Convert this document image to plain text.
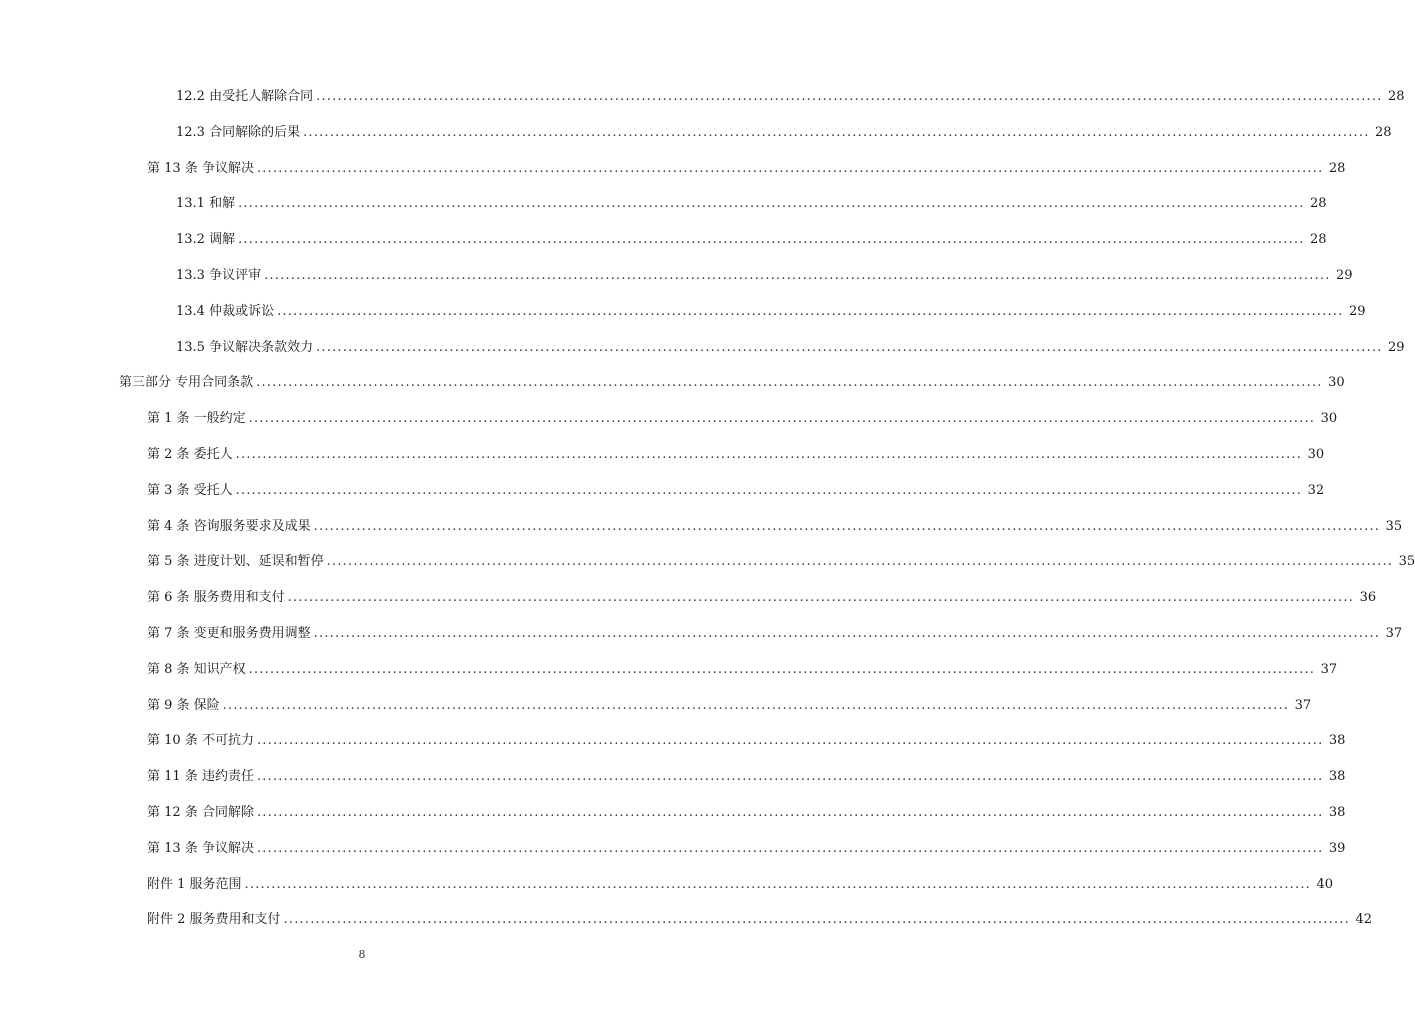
12.2 由受托人解除合同 ........................................................................................................................................................................................................ 28
12.3 合同解除的后果 ........................................................................................................................................................................................................ 28
第 13 条 争议解决 ........................................................................................................................................................................................................ 28
13.1 和解 ........................................................................................................................................................................................................ 28
13.2 调解 ........................................................................................................................................................................................................ 28
13.3 争议评审 ........................................................................................................................................................................................................ 29
13.4 仲裁或诉讼 ........................................................................................................................................................................................................ 29
13.5 争议解决条款效力 ........................................................................................................................................................................................................ 29
第三部分 专用合同条款 ........................................................................................................................................................................................................ 30
第 1 条 一般约定 ........................................................................................................................................................................................................ 30
第 2 条 委托人 ........................................................................................................................................................................................................ 30
第 3 条 受托人 ........................................................................................................................................................................................................ 32
第 4 条 咨询服务要求及成果 ........................................................................................................................................................................................................ 35
第 5 条 进度计划、延误和暂停 ........................................................................................................................................................................................................ 35
第 6 条 服务费用和支付 ........................................................................................................................................................................................................ 36
第 7 条 变更和服务费用调整 ........................................................................................................................................................................................................ 37
第 8 条 知识产权 ........................................................................................................................................................................................................ 37
第 9 条 保险 ........................................................................................................................................................................................................ 37
第 10 条 不可抗力 ........................................................................................................................................................................................................ 38
第 11 条 违约责任 ........................................................................................................................................................................................................ 38
第 12 条 合同解除 ........................................................................................................................................................................................................ 38
第 13 条 争议解决 ........................................................................................................................................................................................................ 39
附件 1 服务范围 ........................................................................................................................................................................................................ 40
附件 2 服务费用和支付 ........................................................................................................................................................................................................ 42
8
